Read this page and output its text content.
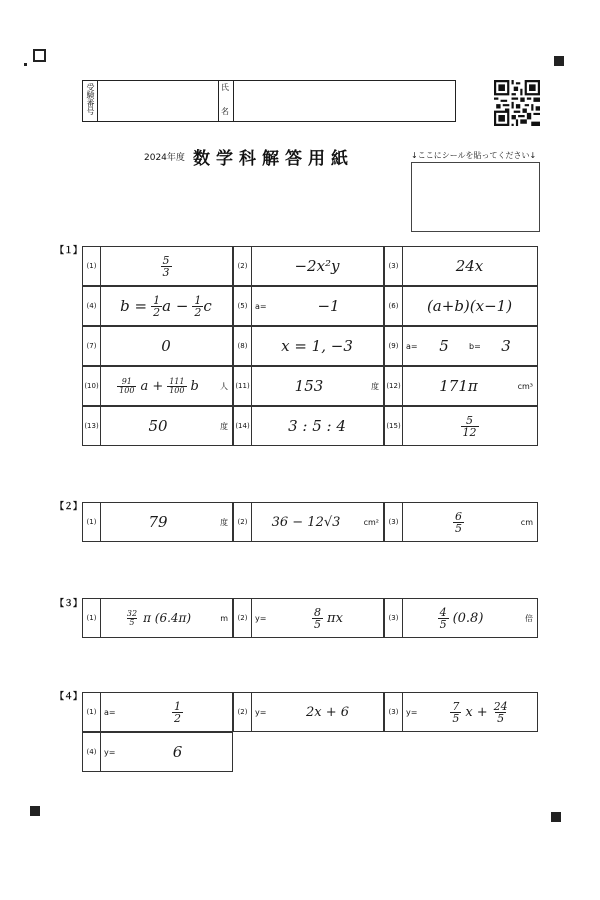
受験番号	氏
名
2024年度 数学科解答用紙	↓ここにシールを貼ってください↓
【１】
(1)	$\frac{5}{3}$	(2)	−2x²y	(3)	24x
(4)	$b = \frac{1}{2}$ $a - \frac{1}{2}$ c	(5) a=	−1	(6)	(a+b)(x−1)
(7)	0	(8)	x = 1, −3	(9) a=	5	b=	3
$(10) \frac{91}{100}$ $a + \frac{111}{100}$ b	人 (11)	153	度 (12)	171π	cm³
(13)	50	度 (14)	3 : 5 : 4	(15)	$\frac{5}{12}$
【２】
(1)	79	度	(2)	36 − 12√3	cm²	(3)	$\frac{6}{5}$	cm
【３】
(1)	$\frac{32}{5}$ π (6.4π)	m	(2) y=	$\frac{8}{5}$ πx	(3)	$\frac{4}{5} (0.8)$	倍
【４】
(1) a=	$\frac{1}{2}$	(2) y=	2x + 6	(3) y=	$\frac{7}{5}$ $x + \frac{24}{5}$
(4) y=	6
